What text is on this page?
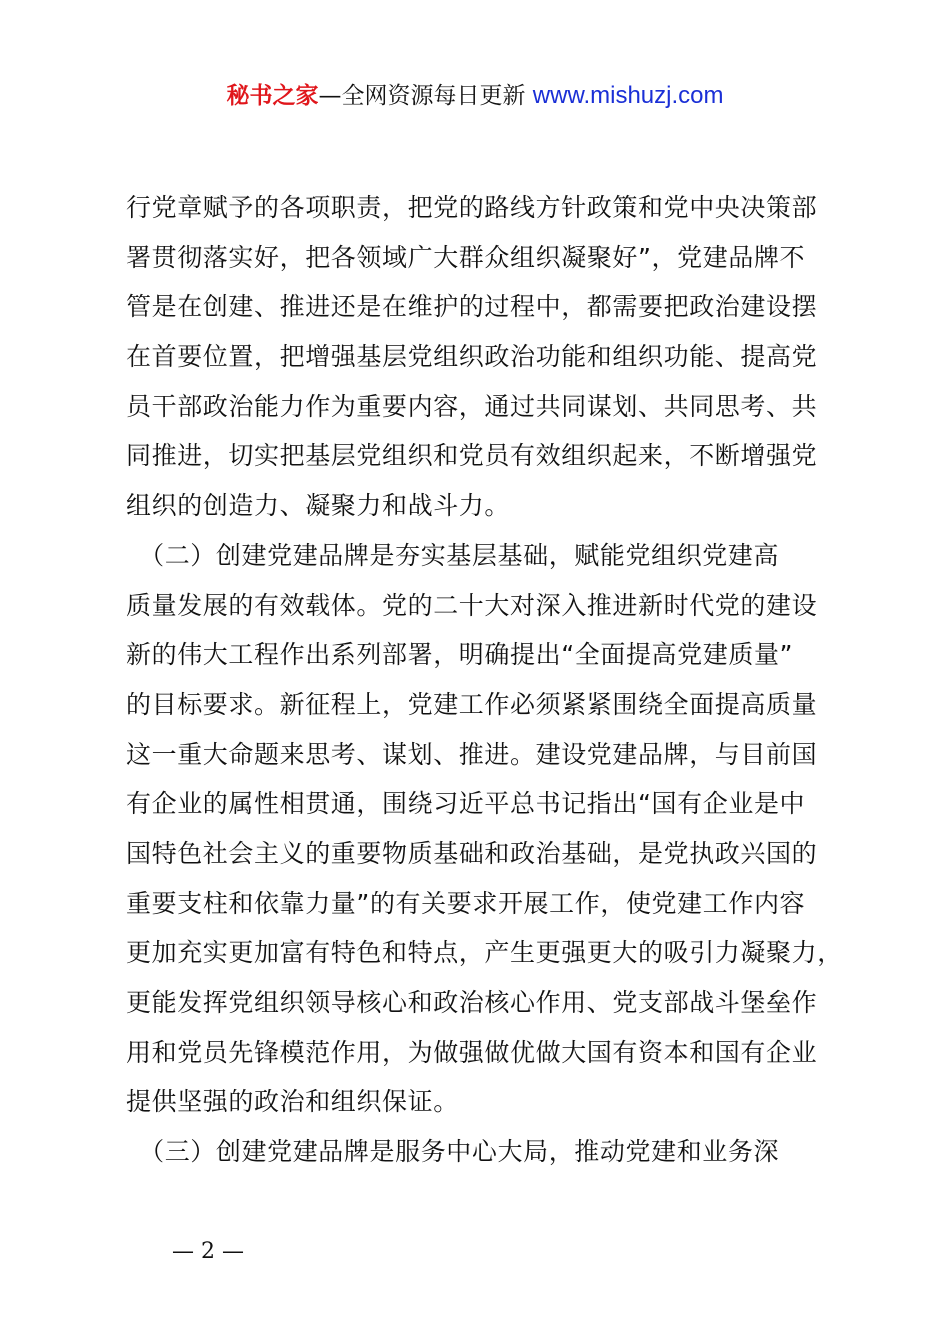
秘书之家—全网资源每日更新 www.mishuzj.com
行党章赋予的各项职责，把党的路线方针政策和党中央决策部
署贯彻落实好，把各领域广大群众组织凝聚好”，党建品牌不
管是在创建、推进还是在维护的过程中，都需要把政治建设摆
在首要位置，把增强基层党组织政治功能和组织功能、提高党
员干部政治能力作为重要内容，通过共同谋划、共同思考、共
同推进，切实把基层党组织和党员有效组织起来，不断增强党
组织的创造力、凝聚力和战斗力。
　（二）创建党建品牌是夯实基层基础，赋能党组织党建高
质量发展的有效载体。党的二十大对深入推进新时代党的建设
新的伟大工程作出系列部署，明确提出“全面提高党建质量”
的目标要求。新征程上，党建工作必须紧紧围绕全面提高质量
这一重大命题来思考、谋划、推进。建设党建品牌，与目前国
有企业的属性相贯通，围绕习近平总书记指出“国有企业是中
国特色社会主义的重要物质基础和政治基础，是党执政兴国的
重要支柱和依靠力量”的有关要求开展工作，使党建工作内容
更加充实更加富有特色和特点，产生更强更大的吸引力凝聚力，
更能发挥党组织领导核心和政治核心作用、党支部战斗堡垒作
用和党员先锋模范作用，为做强做优做大国有资本和国有企业
提供坚强的政治和组织保证。
　（三）创建党建品牌是服务中心大局，推动党建和业务深
— 2 —
